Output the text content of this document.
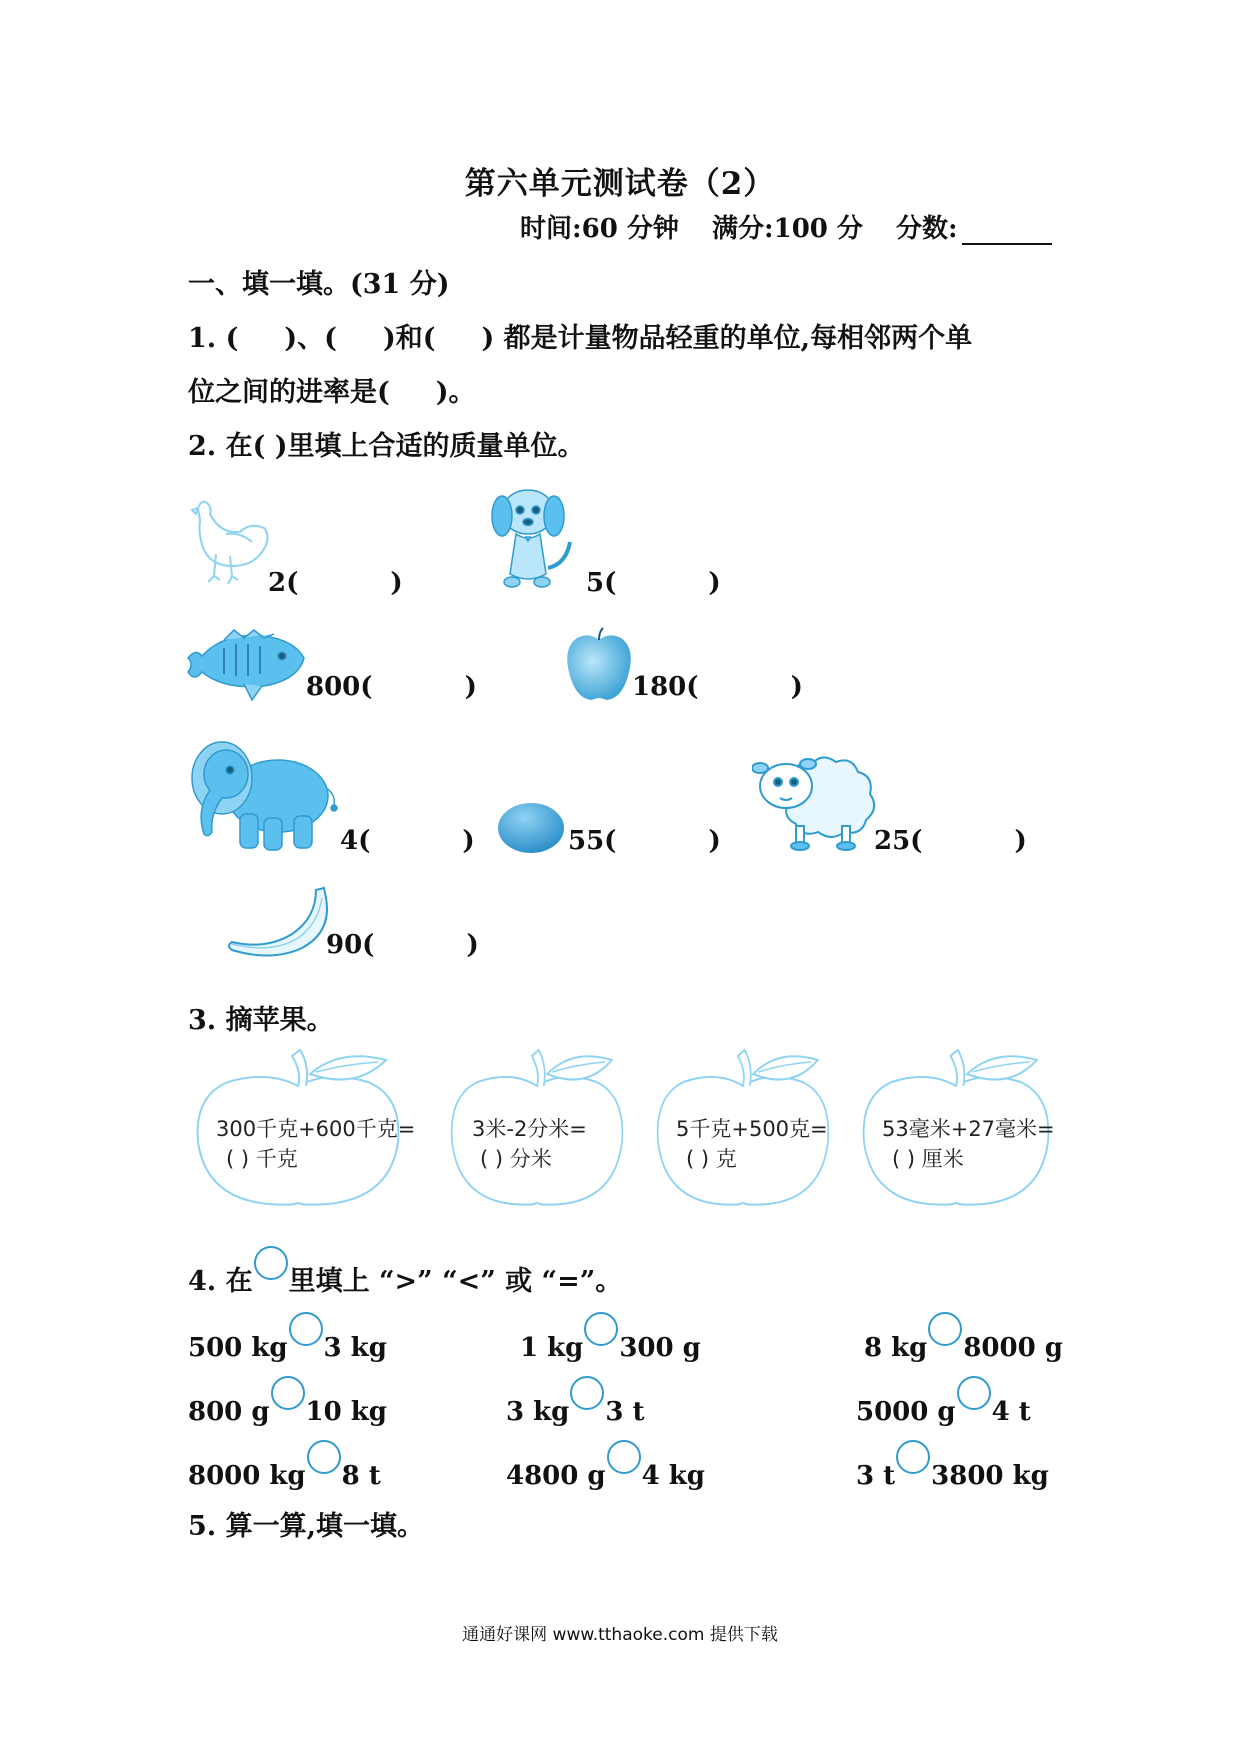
第六单元测试卷（2）
时间:60 分钟 满分:100 分 分数:
一、填一填。(31 分)
1. ( )、( )和( ) 都是计量物品轻重的单位,每相邻两个单
位之间的进率是( )。
2. 在( )里填上合适的质量单位。
2(	)	5(	)
800(	)	180(	)
4(	)	55(	)	25(	)
90(	)
3. 摘苹果。
300千克+600千克=
( ) 千克
3米-2分米=
( ) 分米
5千克+500克=
( ) 克
53毫米+27毫米=
( ) 厘米
4. 在 里填上 “>” “<” 或 “=”。
500 kg 3 kg	1 kg 300 g	8 kg 8000 g
800 g 10 kg	3 kg 3 t	5000 g 4 t
8000 kg 8 t	4800 g 4 kg	3 t 3800 kg
5. 算一算,填一填。
通通好课网 www.tthaoke.com 提供下载
